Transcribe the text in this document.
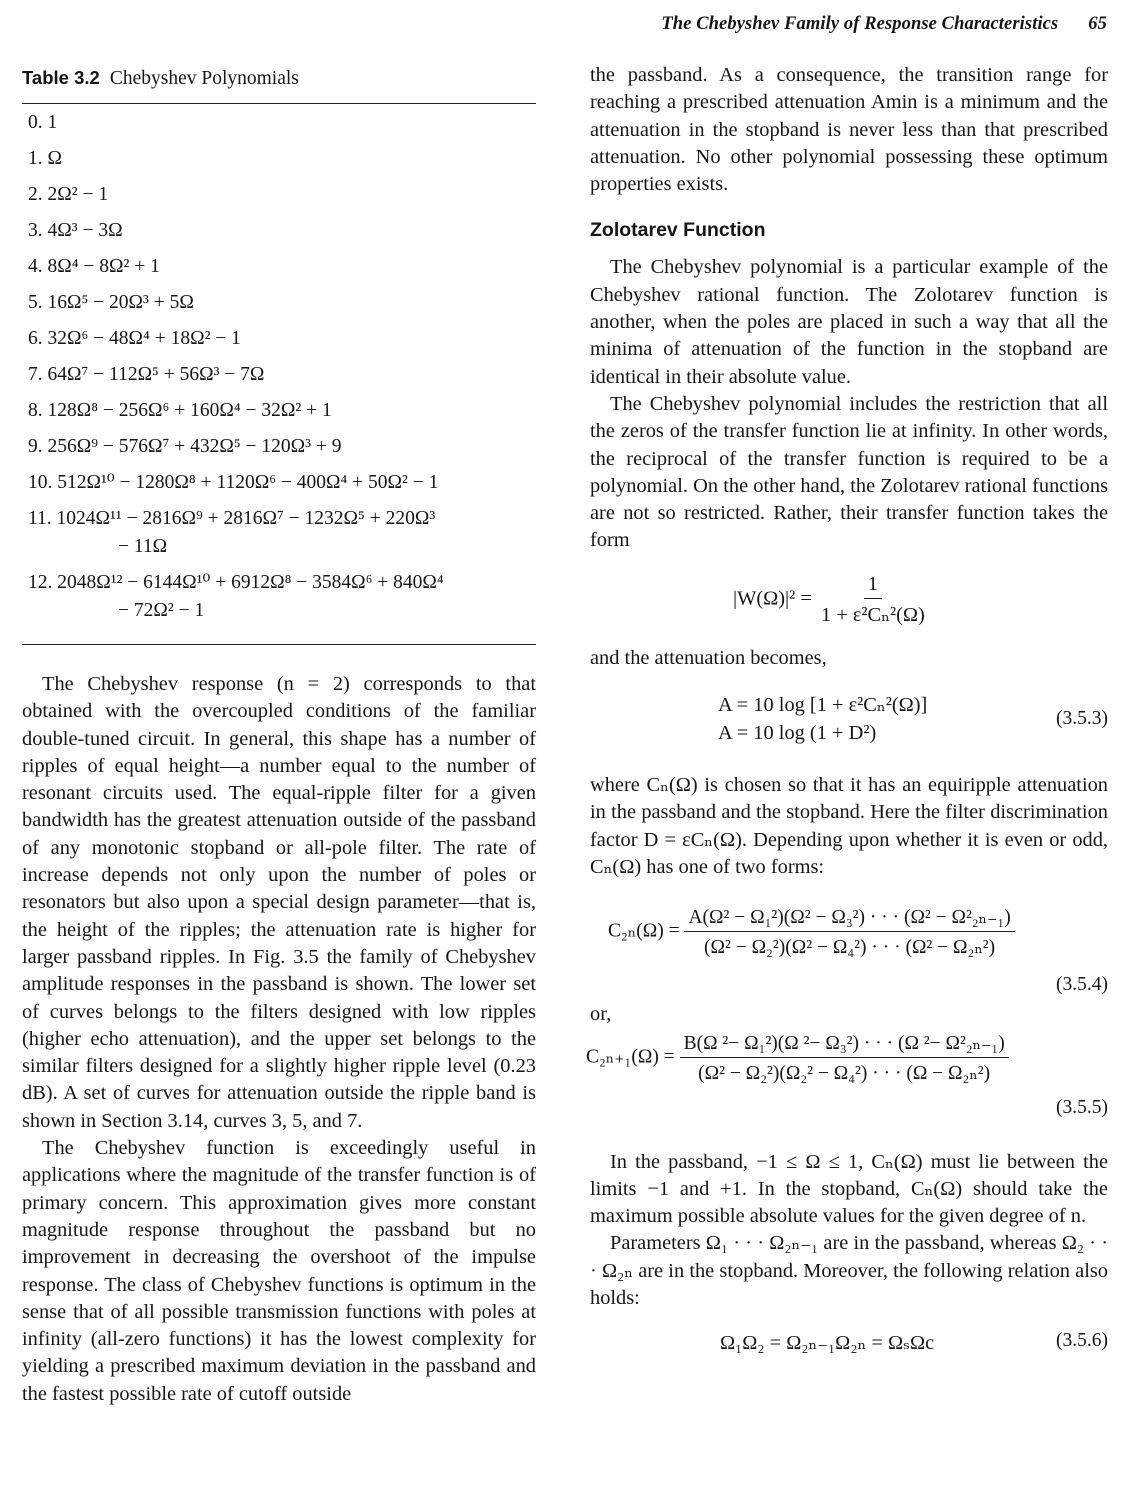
The Chebyshev Family of Response Characteristics 65
Table 3.2 Chebyshev Polynomials
0. 1
1. Ω
2. 2Ω² − 1
3. 4Ω³ − 3Ω
4. 8Ω⁴ − 8Ω² + 1
5. 16Ω⁵ − 20Ω³ + 5Ω
6. 32Ω⁶ − 48Ω⁴ + 18Ω² − 1
7. 64Ω⁷ − 112Ω⁵ + 56Ω³ − 7Ω
8. 128Ω⁸ − 256Ω⁶ + 160Ω⁴ − 32Ω² + 1
9. 256Ω⁹ − 576Ω⁷ + 432Ω⁵ − 120Ω³ + 9
10. 512Ω¹⁰ − 1280Ω⁸ + 1120Ω⁶ − 400Ω⁴ + 50Ω² − 1
11. 1024Ω¹¹ − 2816Ω⁹ + 2816Ω⁷ − 1232Ω⁵ + 220Ω³
− 11Ω
12. 2048Ω¹² − 6144Ω¹⁰ + 6912Ω⁸ − 3584Ω⁶ + 840Ω⁴
− 72Ω² − 1

The Chebyshev response (n = 2) corresponds to that obtained with the overcoupled conditions of the familiar double-tuned circuit. In general, this shape has a number of ripples of equal height—a number equal to the number of resonant circuits used. The equal-ripple filter for a given bandwidth has the greatest attenuation outside of the passband of any monotonic stopband or all-pole filter. The rate of increase depends not only upon the number of poles or resonators but also upon a special design parameter—that is, the height of the ripples; the attenuation rate is higher for larger passband ripples. In Fig. 3.5 the family of Chebyshev amplitude responses in the passband is shown. The lower set of curves belongs to the filters designed with low ripples (higher echo attenuation), and the upper set belongs to the similar filters designed for a slightly higher ripple level (0.23 dB). A set of curves for attenuation outside the ripple band is shown in Section 3.14, curves 3, 5, and 7.

The Chebyshev function is exceedingly useful in applications where the magnitude of the transfer function is of primary concern. This approximation gives more constant magnitude response throughout the passband but no improvement in decreasing the overshoot of the impulse response. The class of Chebyshev functions is optimum in the sense that of all possible transmission functions with poles at infinity (all-zero functions) it has the lowest complexity for yielding a prescribed maximum deviation in the passband and the fastest possible rate of cutoff outside

the passband. As a consequence, the transition range for reaching a prescribed attenuation Amin is a minimum and the attenuation in the stopband is never less than that prescribed attenuation. No other polynomial possessing these optimum properties exists.

Zolotarev Function

The Chebyshev polynomial is a particular example of the Chebyshev rational function. The Zolotarev function is another, when the poles are placed in such a way that all the minima of attenuation of the function in the stopband are identical in their absolute value.

The Chebyshev polynomial includes the restriction that all the zeros of the transfer function lie at infinity. In other words, the reciprocal of the transfer function is required to be a polynomial. On the other hand, the Zolotarev rational functions are not so restricted. Rather, their transfer function takes the form

$|W(\Omega)|^2 = \frac{1}{\text{1 + ε²Cₙ²(Ω)}}$

and the attenuation becomes,

A = 10 log [1 + ε²Cₙ²(Ω)]
A = 10 log (1 + D²)
(3.5.3)

where Cₙ(Ω) is chosen so that it has an equiripple attenuation in the passband and the stopband. Here the filter discrimination factor D = εCₙ(Ω). Depending upon whether it is even or odd, Cₙ(Ω) has one of two forms:

$C_{2n}(\Omega) = \frac{\text{A(Ω² − Ω₁²)(Ω² − Ω₃²) · · · (Ω² − Ω²₂ₙ₋₁)}}{\text{(Ω² − Ω₂²)(Ω² − Ω₄²) · · · (Ω² − Ω₂ₙ²)}}$
(3.5.4)

or,

$C_{2n+1}(\Omega) = \frac{\text{B(Ω ²− Ω₁²)(Ω ²− Ω₃²) · · · (Ω ²− Ω²₂ₙ₋₁)}}{\text{(Ω² − Ω₂²)(Ω₂² − Ω₄²) · · · (Ω − Ω₂ₙ²)}}$
(3.5.5)

In the passband, −1 ≤ Ω ≤ 1, Cₙ(Ω) must lie between the limits −1 and +1. In the stopband, Cₙ(Ω) should take the maximum possible absolute values for the given degree of n.

Parameters Ω₁ · · · Ω₂ₙ₋₁ are in the passband, whereas Ω₂ · · · Ω₂ₙ are in the stopband. Moreover, the following relation also holds:

Ω₁Ω₂ = Ω₂ₙ₋₁Ω₂ₙ = ΩₛΩc	(3.5.6)
